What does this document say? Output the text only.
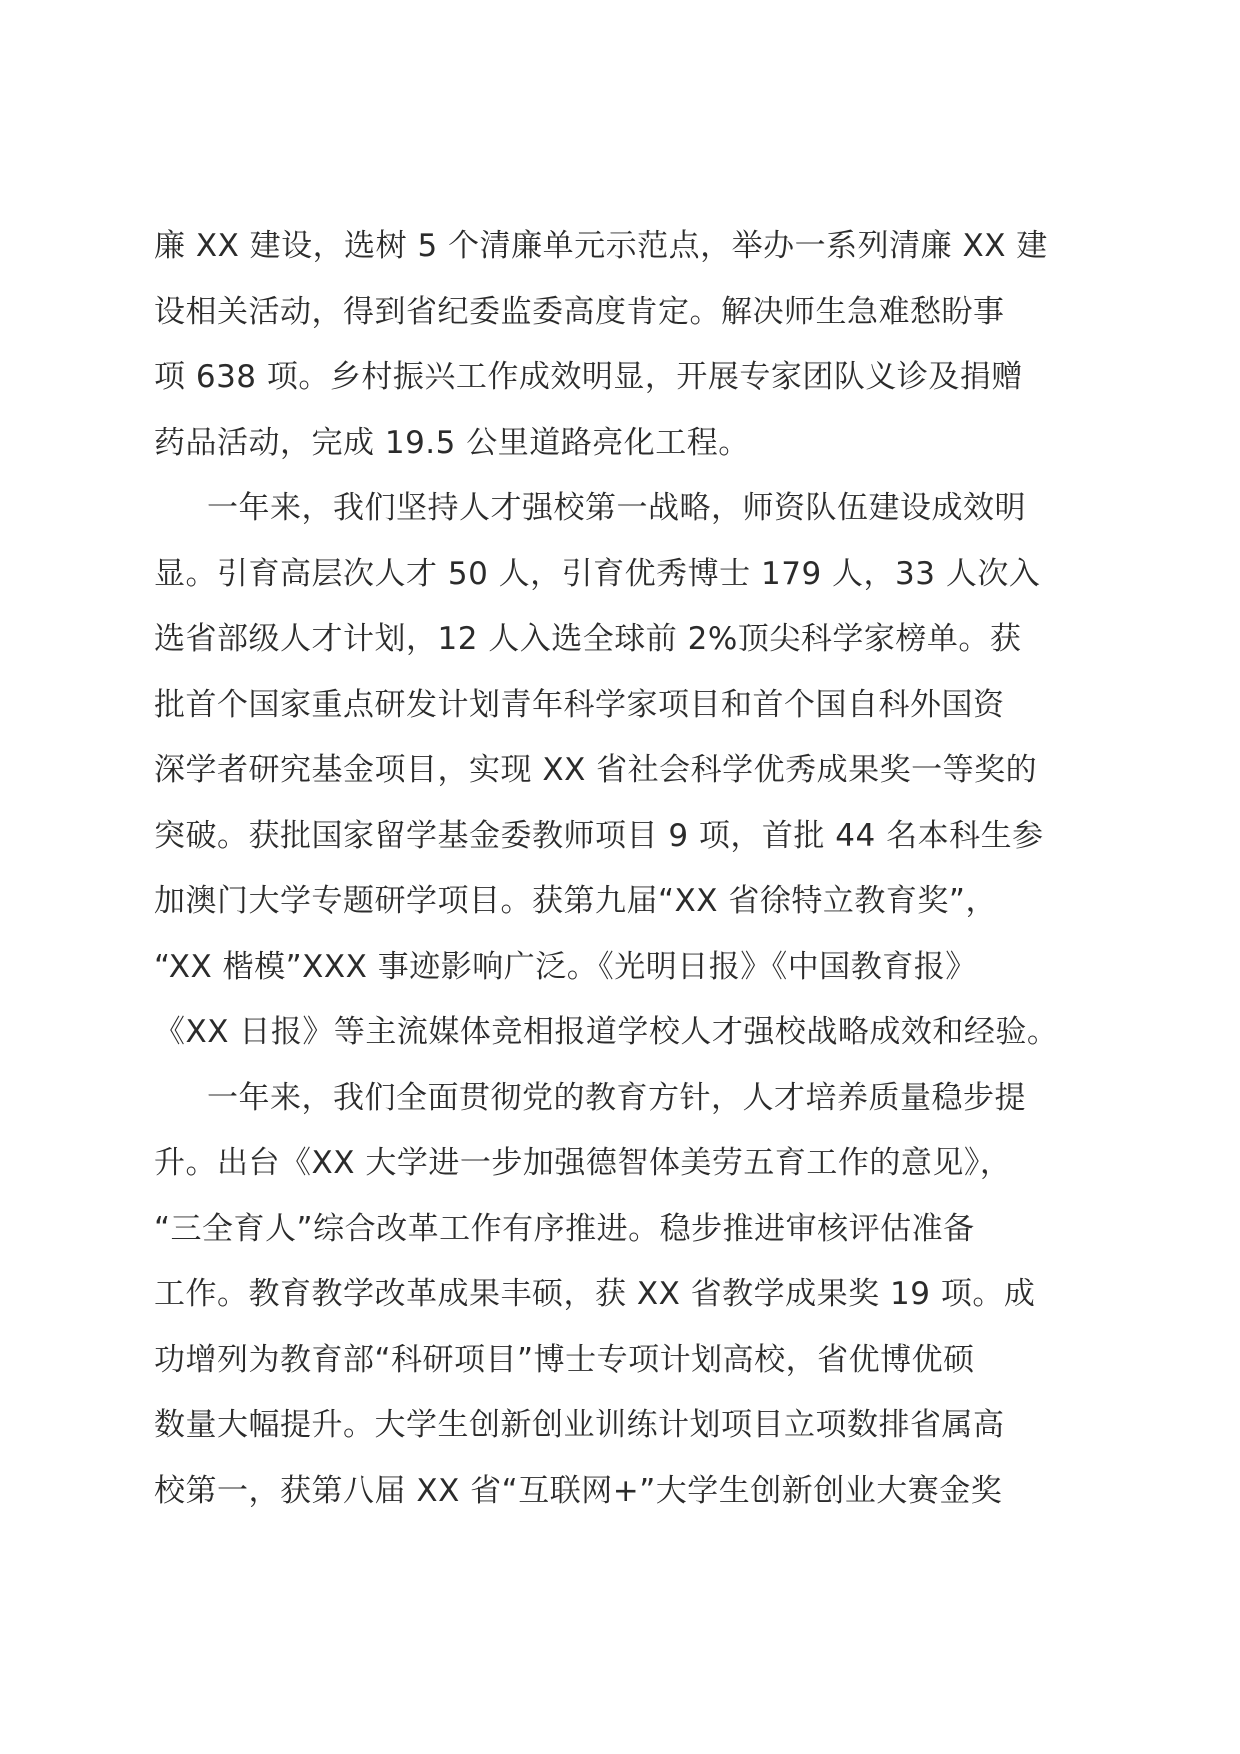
廉 XX 建设，选树 5 个清廉单元示范点，举办一系列清廉 XX 建
设相关活动，得到省纪委监委高度肯定。解决师生急难愁盼事
项 638 项。乡村振兴工作成效明显，开展专家团队义诊及捐赠
药品活动，完成 19.5 公里道路亮化工程。
一年来，我们坚持人才强校第一战略，师资队伍建设成效明
显。引育高层次人才 50 人，引育优秀博士 179 人，33 人次入
选省部级人才计划，12 人入选全球前 2%顶尖科学家榜单。获
批首个国家重点研发计划青年科学家项目和首个国自科外国资
深学者研究基金项目，实现 XX 省社会科学优秀成果奖一等奖的
突破。获批国家留学基金委教师项目 9 项，首批 44 名本科生参
加澳门大学专题研学项目。获第九届“XX 省徐特立教育奖”，
“XX 楷模”XXX 事迹影响广泛。《光明日报》《中国教育报》
《XX 日报》等主流媒体竞相报道学校人才强校战略成效和经验。
一年来，我们全面贯彻党的教育方针，人才培养质量稳步提
升。出台《XX 大学进一步加强德智体美劳五育工作的意见》，
“三全育人”综合改革工作有序推进。稳步推进审核评估准备
工作。教育教学改革成果丰硕，获 XX 省教学成果奖 19 项。成
功增列为教育部“科研项目”博士专项计划高校，省优博优硕
数量大幅提升。大学生创新创业训练计划项目立项数排省属高
校第一，获第八届 XX 省“互联网+”大学生创新创业大赛金奖
